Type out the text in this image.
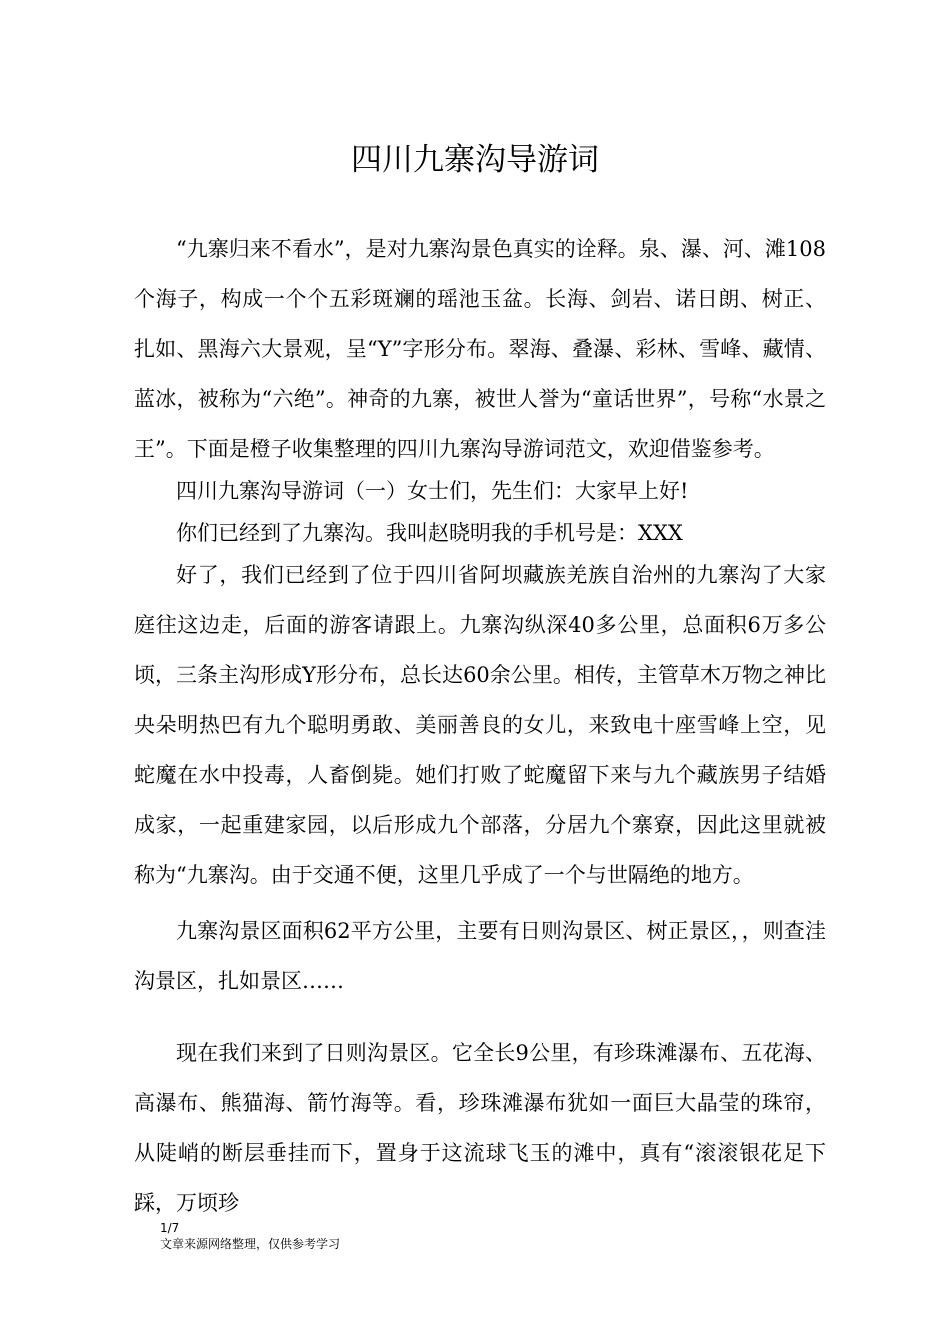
四川九寨沟导游词

“九寨归来不看水”，是对九寨沟景色真实的诠释。泉、瀑、河、滩108个海子，构成一个个五彩斑斓的瑶池玉盆。长海、剑岩、诺日朗、树正、扎如、黑海六大景观，呈“Y”字形分布。翠海、叠瀑、彩林、雪峰、藏情、蓝冰，被称为“六绝”。神奇的九寨，被世人誉为“童话世界”，号称“水景之王”。下面是橙子收集整理的四川九寨沟导游词范文，欢迎借鉴参考。

四川九寨沟导游词（一）女士们，先生们：大家早上好!

你们已经到了九寨沟。我叫赵晓明我的手机号是：XXX

好了，我们已经到了位于四川省阿坝藏族羌族自治州的九寨沟了大家庭往这边走，后面的游客请跟上。九寨沟纵深40多公里，总面积6万多公顷，三条主沟形成Y形分布，总长达60余公里。相传，主管草木万物之神比央朵明热巴有九个聪明勇敢、美丽善良的女儿，来致电十座雪峰上空，见蛇魔在水中投毒，人畜倒毙。她们打败了蛇魔留下来与九个藏族男子结婚成家，一起重建家园，以后形成九个部落，分居九个寨寮，因此这里就被称为“九寨沟。由于交通不便，这里几乎成了一个与世隔绝的地方。

九寨沟景区面积62平方公里，主要有日则沟景区、树正景区，，则查洼沟景区，扎如景区……

现在我们来到了日则沟景区。它全长9公里，有珍珠滩瀑布、五花海、高瀑布、熊猫海、箭竹海等。看，珍珠滩瀑布犹如一面巨大晶莹的珠帘，从陡峭的断层垂挂而下，置身于这流球飞玉的滩中，真有“滚滚银花足下踩，万顷珍

1/7
文章来源网络整理，仅供参考学习
